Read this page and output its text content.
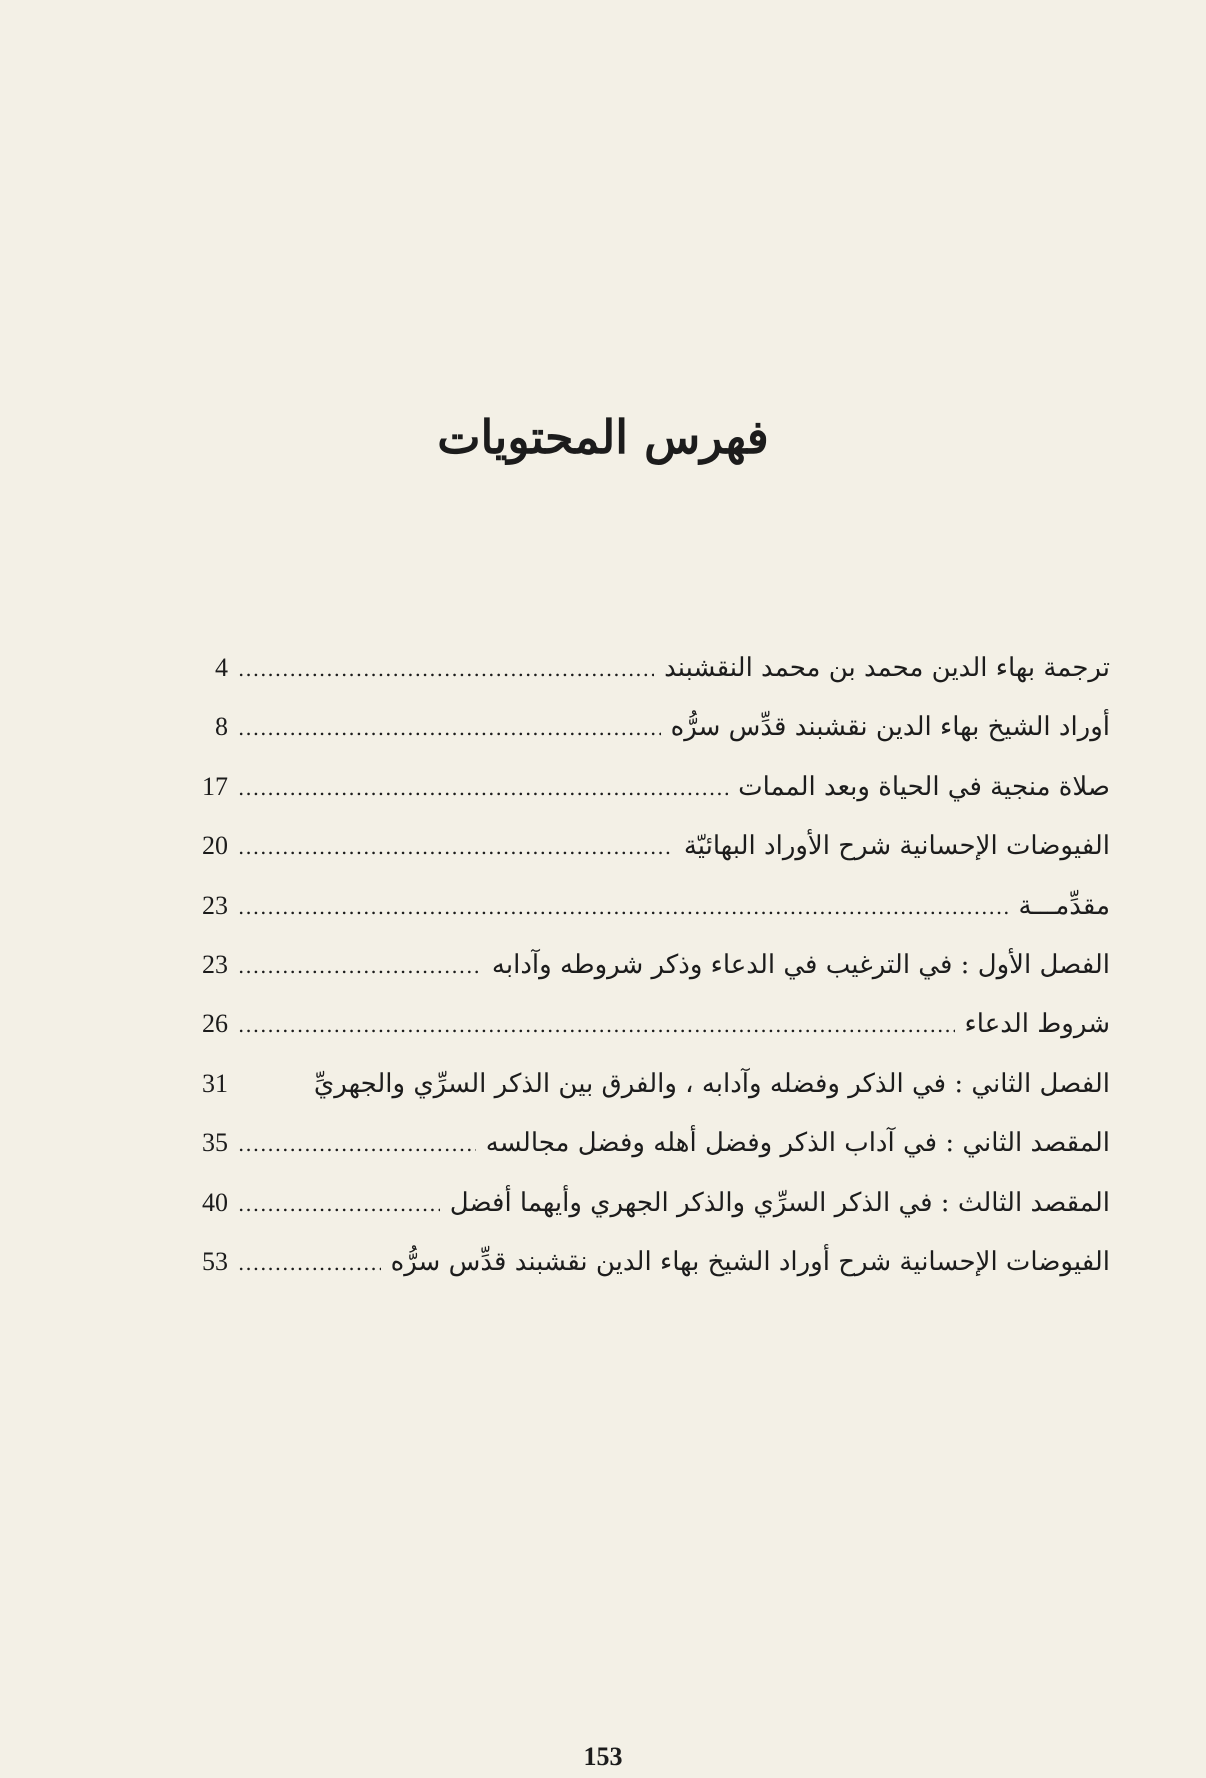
فهرس المحتويات
ترجمة بهاء الدين محمد بن محمد النقشبند
.....
4
أوراد الشيخ بهاء الدين نقشبند قدِّس سرُّه
.....
8
صلاة منجية في الحياة وبعد الممات
.....
17
الفيوضات الإحسانية شرح الأوراد البهائيّة
.....
20
مقدِّمـــة
.....
23
الفصل الأول : في الترغيب في الدعاء وذكر شروطه وآدابه
.....
23
شروط الدعاء
.....
26
الفصل الثاني : في الذكر وفضله وآدابه ، والفرق بين الذكر السرِّي والجهريِّ
31
المقصد الثاني : في آداب الذكر وفضل أهله وفضل مجالسه
.....
35
المقصد الثالث : في الذكر السرِّي والذكر الجهري وأيهما أفضل
.....
40
الفيوضات الإحسانية شرح أوراد الشيخ بهاء الدين نقشبند قدِّس سرُّه
.....
53
153
